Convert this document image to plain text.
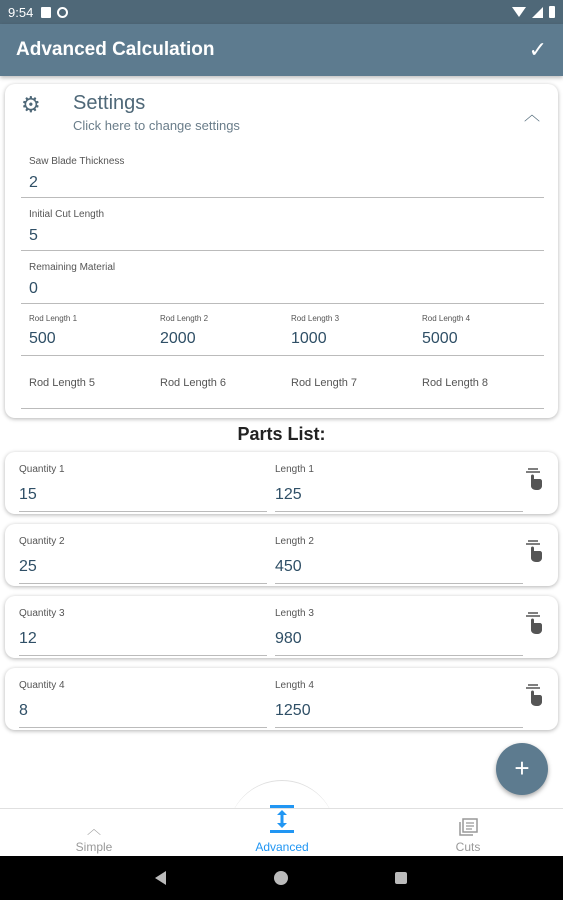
9:54
Advanced Calculation	✓
⚙ Settings
Click here to change settings
︿
Saw Blade Thickness
2
Initial Cut Length
5
Remaining Material
0
Rod Length 1
500
Rod Length 2
2000
Rod Length 3
1000
Rod Length 4
5000
Rod Length 5	Rod Length 6	Rod Length 7	Rod Length 8
Parts List:
Quantity 1
15
Length 1
125
Quantity 2
25
Length 2
450
Quantity 3
12
Length 3
980
Quantity 4
8
Length 4
1250
+
︿
Simple	Advanced	Cuts
